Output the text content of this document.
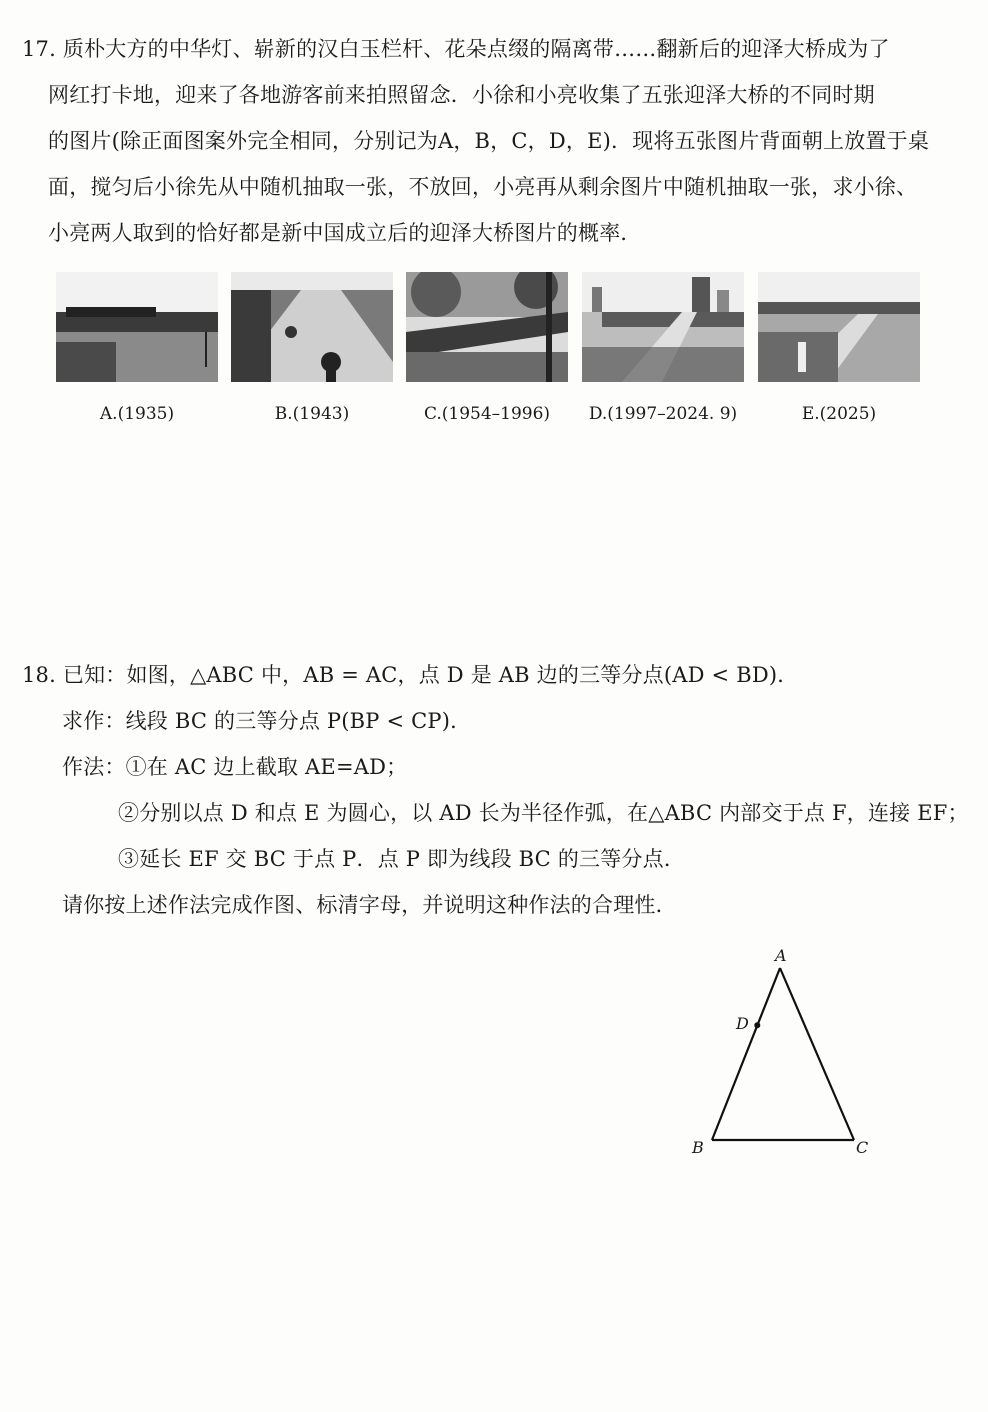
17. 质朴大方的中华灯、崭新的汉白玉栏杆、花朵点缀的隔离带……翻新后的迎泽大桥成为了
网红打卡地，迎来了各地游客前来拍照留念．小徐和小亮收集了五张迎泽大桥的不同时期
的图片(除正面图案外完全相同，分别记为A，B，C，D，E)．现将五张图片背面朝上放置于桌
面，搅匀后小徐先从中随机抽取一张，不放回，小亮再从剩余图片中随机抽取一张，求小徐、
小亮两人取到的恰好都是新中国成立后的迎泽大桥图片的概率．
A.(1935)	B.(1943)	C.(1954–1996)	D.(1997–2024. 9)	E.(2025)
18. 已知：如图，△ABC 中，AB = AC，点 D 是 AB 边的三等分点(AD < BD)．
求作：线段 BC 的三等分点 P(BP < CP)．
作法：①在 AC 边上截取 AE=AD；
②分别以点 D 和点 E 为圆心，以 AD 长为半径作弧，在△ABC 内部交于点 F，连接 EF；
③延长 EF 交 BC 于点 P．点 P 即为线段 BC 的三等分点．
请你按上述作法完成作图、标清字母，并说明这种作法的合理性．
A
D
B	C
